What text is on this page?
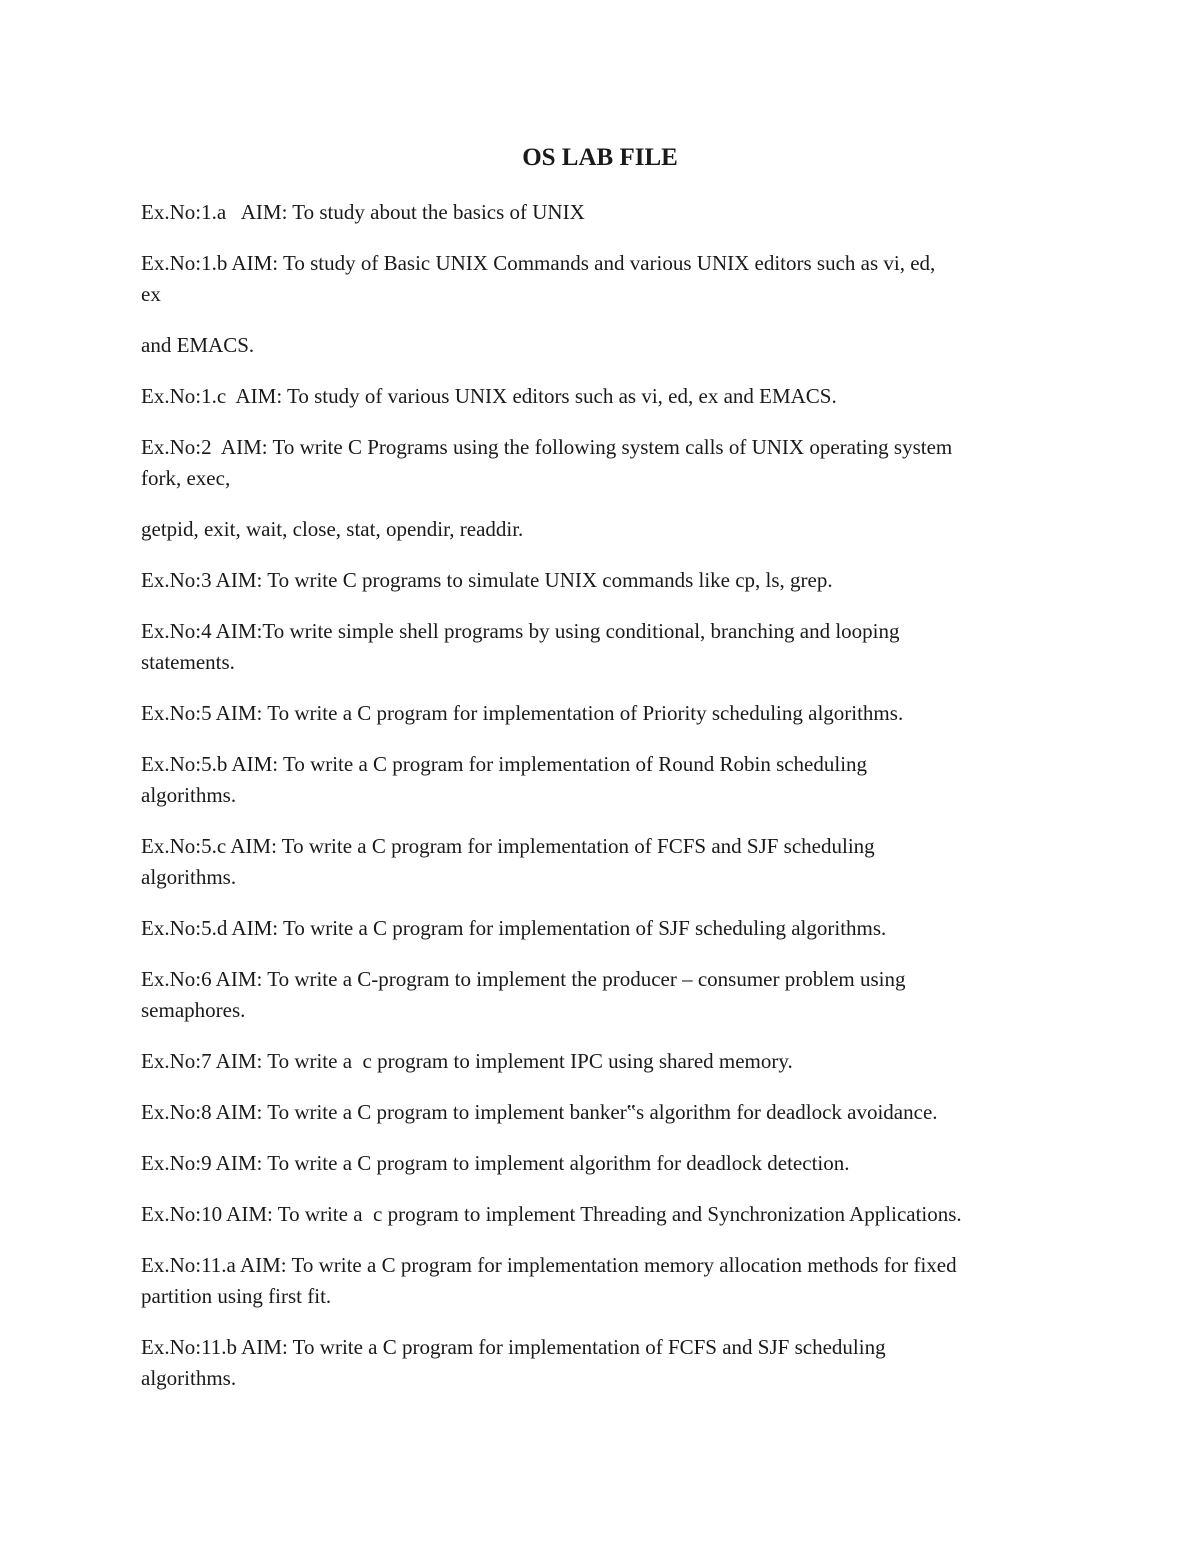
OS LAB FILE

Ex.No:1.a   AIM: To study about the basics of UNIX

Ex.No:1.b AIM: To study of Basic UNIX Commands and various UNIX editors such as vi, ed,
ex

and EMACS.

Ex.No:1.c  AIM: To study of various UNIX editors such as vi, ed, ex and EMACS.

Ex.No:2  AIM: To write C Programs using the following system calls of UNIX operating system
fork, exec,

getpid, exit, wait, close, stat, opendir, readdir.

Ex.No:3 AIM: To write C programs to simulate UNIX commands like cp, ls, grep.

Ex.No:4 AIM:To write simple shell programs by using conditional, branching and looping
statements.

Ex.No:5 AIM: To write a C program for implementation of Priority scheduling algorithms.

Ex.No:5.b AIM: To write a C program for implementation of Round Robin scheduling
algorithms.

Ex.No:5.c AIM: To write a C program for implementation of FCFS and SJF scheduling
algorithms.

Ex.No:5.d AIM: To write a C program for implementation of SJF scheduling algorithms.

Ex.No:6 AIM: To write a C-program to implement the producer – consumer problem using
semaphores.

Ex.No:7 AIM: To write a  c program to implement IPC using shared memory.

Ex.No:8 AIM: To write a C program to implement banker‟s algorithm for deadlock avoidance.

Ex.No:9 AIM: To write a C program to implement algorithm for deadlock detection.

Ex.No:10 AIM: To write a  c program to implement Threading and Synchronization Applications.

Ex.No:11.a AIM: To write a C program for implementation memory allocation methods for fixed
partition using first fit.

Ex.No:11.b AIM: To write a C program for implementation of FCFS and SJF scheduling
algorithms.
